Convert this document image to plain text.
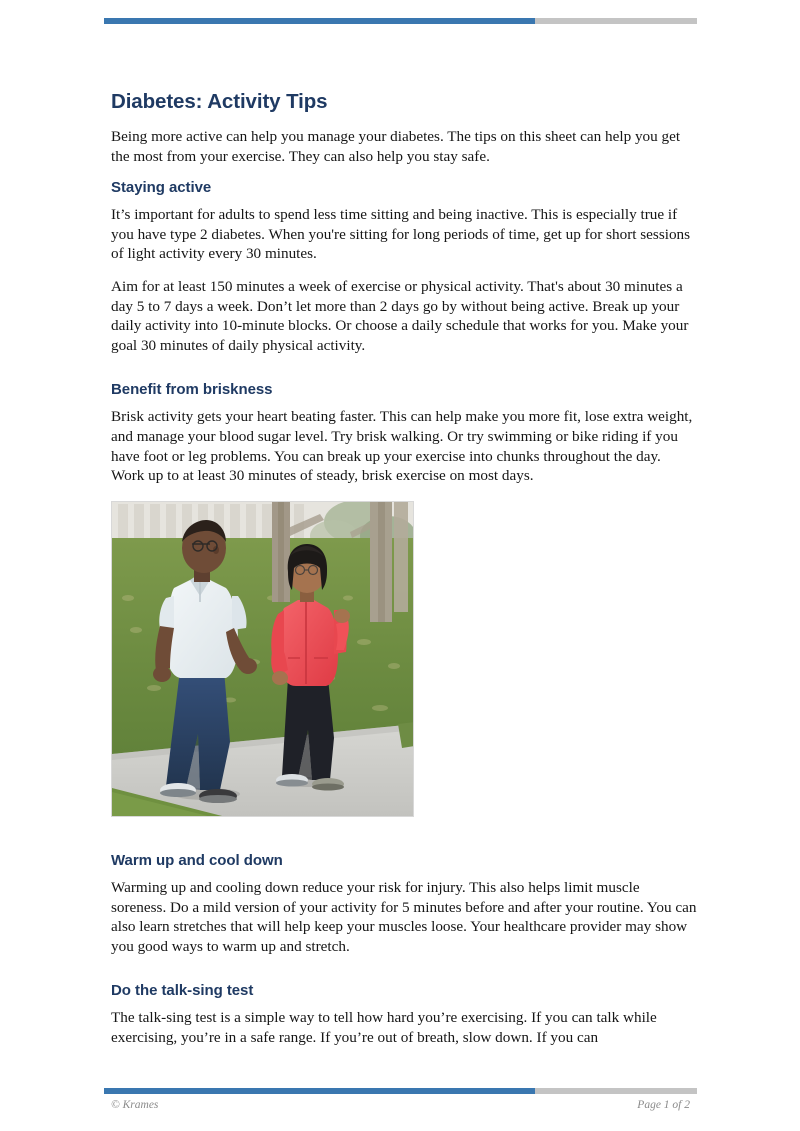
Diabetes: Activity Tips

Being more active can help you manage your diabetes. The tips on this sheet can help you get the most from your exercise. They can also help you stay safe.

Staying active

It’s important for adults to spend less time sitting and being inactive. This is especially true if you have type 2 diabetes. When you're sitting for long periods of time, get up for short sessions of light activity every 30 minutes.

Aim for at least 150 minutes a week of exercise or physical activity. That's about 30 minutes a day 5 to 7 days a week. Don’t let more than 2 days go by without being active. Break up your daily activity into 10-minute blocks. Or choose a daily schedule that works for you. Make your goal 30 minutes of daily physical activity.

Benefit from briskness

Brisk activity gets your heart beating faster. This can help make you more fit, lose extra weight, and manage your blood sugar level. Try brisk walking. Or try swimming or bike riding if you have foot or leg problems. You can break up your exercise into chunks throughout the day. Work up to at least 30 minutes of steady, brisk exercise on most days.

Warm up and cool down

Warming up and cooling down reduce your risk for injury. This also helps limit muscle soreness. Do a mild version of your activity for 5 minutes before and after your routine. You can also learn stretches that will help keep your muscles loose. Your healthcare provider may show you good ways to warm up and stretch.

Do the talk-sing test

The talk-sing test is a simple way to tell how hard you’re exercising. If you can talk while exercising, you’re in a safe range. If you’re out of breath, slow down. If you can

© Krames	Page 1 of 2
